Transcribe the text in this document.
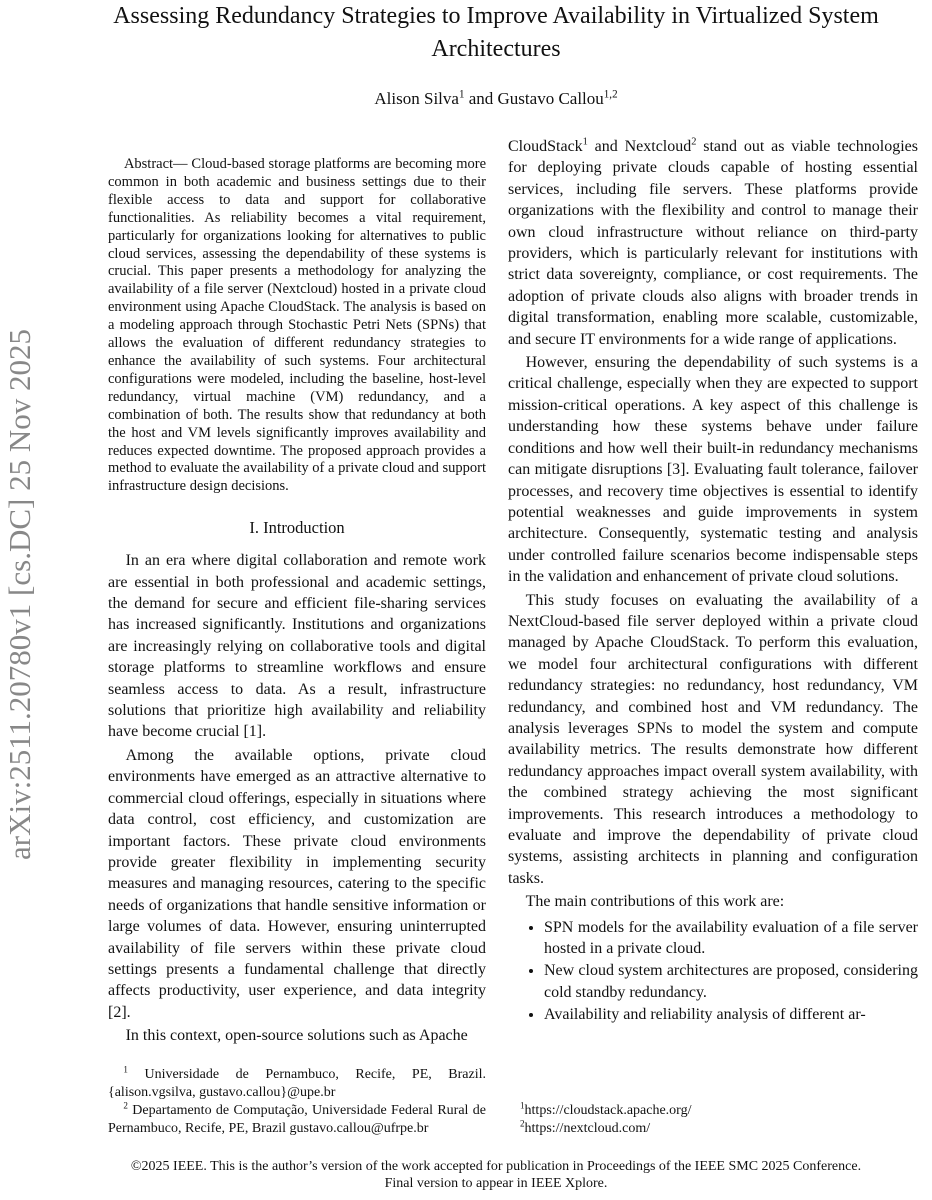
arXiv:2511.20780v1 [cs.DC] 25 Nov 2025
Assessing Redundancy Strategies to Improve Availability in Virtualized System Architectures
Alison Silva$^1$ and Gustavo Callou$^{1,2}$

Abstract— Cloud-based storage platforms are becoming more common in both academic and business settings due to their flexible access to data and support for collaborative functionalities. As reliability becomes a vital requirement, particularly for organizations looking for alternatives to public cloud services, assessing the dependability of these systems is crucial. This paper presents a methodology for analyzing the availability of a file server (Nextcloud) hosted in a private cloud environment using Apache CloudStack. The analysis is based on a modeling approach through Stochastic Petri Nets (SPNs) that allows the evaluation of different redundancy strategies to enhance the availability of such systems. Four architectural configurations were modeled, including the baseline, host-level redundancy, virtual machine (VM) redundancy, and a combination of both. The results show that redundancy at both the host and VM levels significantly improves availability and reduces expected downtime. The proposed approach provides a method to evaluate the availability of a private cloud and support infrastructure design decisions.

I. Introduction

In an era where digital collaboration and remote work are essential in both professional and academic settings, the demand for secure and efficient file-sharing services has increased significantly. Institutions and organizations are increasingly relying on collaborative tools and digital storage platforms to streamline workflows and ensure seamless access to data. As a result, infrastructure solutions that prioritize high availability and reliability have become crucial [1].

Among the available options, private cloud environments have emerged as an attractive alternative to commercial cloud offerings, especially in situations where data control, cost efficiency, and customization are important factors. These private cloud environments provide greater flexibility in implementing security measures and managing resources, catering to the specific needs of organizations that handle sensitive information or large volumes of data. However, ensuring uninterrupted availability of file servers within these private cloud settings presents a fundamental challenge that directly affects productivity, user experience, and data integrity [2].

In this context, open-source solutions such as Apache

$^1$ Universidade de Pernambuco, Recife, PE, Brazil. {alison.vgsilva, gustavo.callou}@upe.br
$^2$ Departamento de Computação, Universidade Federal Rural de Pernambuco, Recife, PE, Brazil gustavo.callou@ufrpe.br

CloudStack$^1$ and Nextcloud$^2$ stand out as viable technologies for deploying private clouds capable of hosting essential services, including file servers. These platforms provide organizations with the flexibility and control to manage their own cloud infrastructure without reliance on third-party providers, which is particularly relevant for institutions with strict data sovereignty, compliance, or cost requirements. The adoption of private clouds also aligns with broader trends in digital transformation, enabling more scalable, customizable, and secure IT environments for a wide range of applications.

However, ensuring the dependability of such systems is a critical challenge, especially when they are expected to support mission-critical operations. A key aspect of this challenge is understanding how these systems behave under failure conditions and how well their built-in redundancy mechanisms can mitigate disruptions [3]. Evaluating fault tolerance, failover processes, and recovery time objectives is essential to identify potential weaknesses and guide improvements in system architecture. Consequently, systematic testing and analysis under controlled failure scenarios become indispensable steps in the validation and enhancement of private cloud solutions.

This study focuses on evaluating the availability of a NextCloud-based file server deployed within a private cloud managed by Apache CloudStack. To perform this evaluation, we model four architectural configurations with different redundancy strategies: no redundancy, host redundancy, VM redundancy, and combined host and VM redundancy. The analysis leverages SPNs to model the system and compute availability metrics. The results demonstrate how different redundancy approaches impact overall system availability, with the combined strategy achieving the most significant improvements. This research introduces a methodology to evaluate and improve the dependability of private cloud systems, assisting architects in planning and configuration tasks.

The main contributions of this work are:

• SPN models for the availability evaluation of a file server hosted in a private cloud.
• New cloud system architectures are proposed, considering cold standby redundancy.
• Availability and reliability analysis of different ar-
$^1$https://cloudstack.apache.org/
$^2$https://nextcloud.com/
©2025 IEEE. This is the author’s version of the work accepted for publication in Proceedings of the IEEE SMC 2025 Conference.
Final version to appear in IEEE Xplore.
